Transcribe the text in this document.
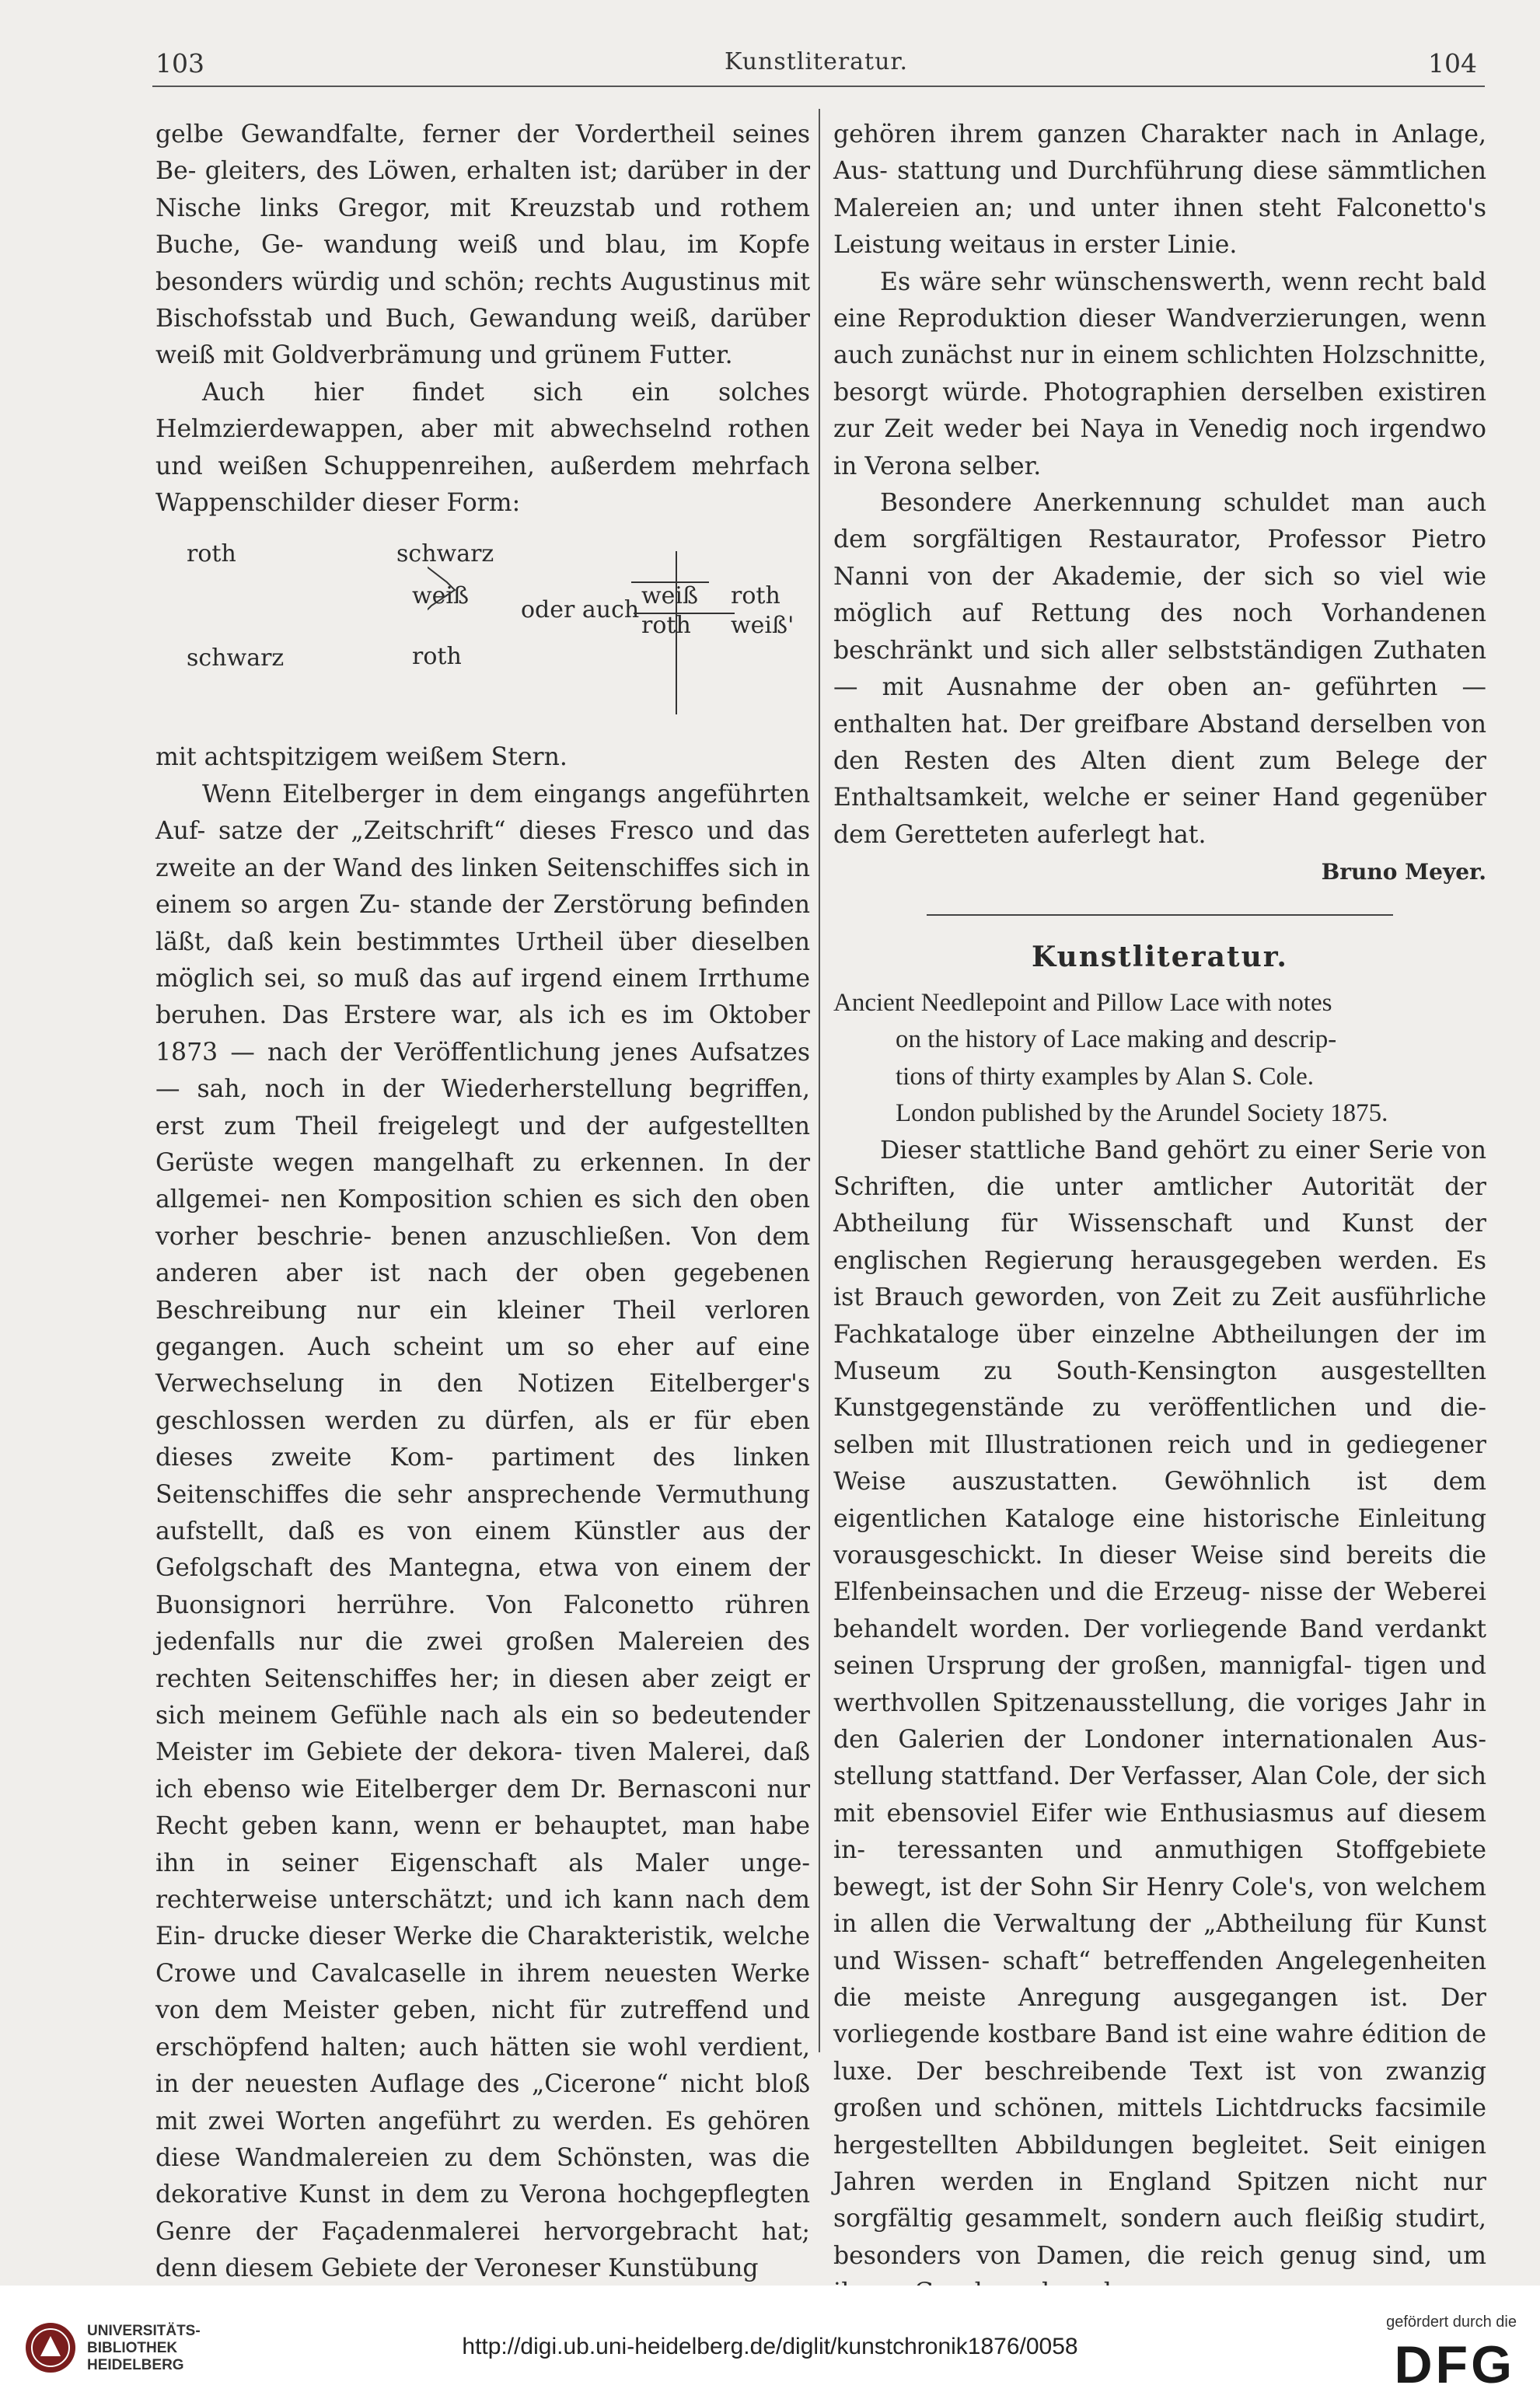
103	Kunstliteratur.	104

gelbe Gewandfalte, ferner der Vordertheil seines Be- gleiters, des Löwen, erhalten ist; darüber in der Nische links Gregor, mit Kreuzstab und rothem Buche, Ge- wandung weiß und blau, im Kopfe besonders würdig und schön; rechts Augustinus mit Bischofsstab und Buch, Gewandung weiß, darüber weiß mit Goldverbrämung und grünem Futter.

Auch hier findet sich ein solches Helmzierdewappen, aber mit abwechselnd rothen und weißen Schuppenreihen, außerdem mehrfach Wappenschilder dieser Form:

roth	schwarz
weiß
schwarz	roth
oder auch
weiß roth
roth weiß'

mit achtspitzigem weißem Stern.

Wenn Eitelberger in dem eingangs angeführten Auf- satze der „Zeitschrift“ dieses Fresco und das zweite an der Wand des linken Seitenschiffes sich in einem so argen Zu- stande der Zerstörung befinden läßt, daß kein bestimmtes Urtheil über dieselben möglich sei, so muß das auf irgend einem Irrthume beruhen. Das Erstere war, als ich es im Oktober 1873 — nach der Veröffentlichung jenes Aufsatzes — sah, noch in der Wiederherstellung begriffen, erst zum Theil freigelegt und der aufgestellten Gerüste wegen mangelhaft zu erkennen. In der allgemei- nen Komposition schien es sich den oben vorher beschrie- benen anzuschließen. Von dem anderen aber ist nach der oben gegebenen Beschreibung nur ein kleiner Theil verloren gegangen. Auch scheint um so eher auf eine Verwechselung in den Notizen Eitelberger's geschlossen werden zu dürfen, als er für eben dieses zweite Kom- partiment des linken Seitenschiffes die sehr ansprechende Vermuthung aufstellt, daß es von einem Künstler aus der Gefolgschaft des Mantegna, etwa von einem der Buonsignori herrühre. Von Falconetto rühren jedenfalls nur die zwei großen Malereien des rechten Seitenschiffes her; in diesen aber zeigt er sich meinem Gefühle nach als ein so bedeutender Meister im Gebiete der dekora- tiven Malerei, daß ich ebenso wie Eitelberger dem Dr. Bernasconi nur Recht geben kann, wenn er behauptet, man habe ihn in seiner Eigenschaft als Maler unge- rechterweise unterschätzt; und ich kann nach dem Ein- drucke dieser Werke die Charakteristik, welche Crowe und Cavalcaselle in ihrem neuesten Werke von dem Meister geben, nicht für zutreffend und erschöpfend halten; auch hätten sie wohl verdient, in der neuesten Auflage des „Cicerone“ nicht bloß mit zwei Worten angeführt zu werden. Es gehören diese Wandmalereien zu dem Schönsten, was die dekorative Kunst in dem zu Verona hochgepflegten Genre der Façadenmalerei hervorgebracht hat; denn diesem Gebiete der Veroneser Kunstübung

gehören ihrem ganzen Charakter nach in Anlage, Aus- stattung und Durchführung diese sämmtlichen Malereien an; und unter ihnen steht Falconetto's Leistung weitaus in erster Linie.

Es wäre sehr wünschenswerth, wenn recht bald eine Reproduktion dieser Wandverzierungen, wenn auch zunächst nur in einem schlichten Holzschnitte, besorgt würde. Photographien derselben existiren zur Zeit weder bei Naya in Venedig noch irgendwo in Verona selber.

Besondere Anerkennung schuldet man auch dem sorgfältigen Restaurator, Professor Pietro Nanni von der Akademie, der sich so viel wie möglich auf Rettung des noch Vorhandenen beschränkt und sich aller selbstständigen Zuthaten — mit Ausnahme der oben an- geführten — enthalten hat. Der greifbare Abstand derselben von den Resten des Alten dient zum Belege der Enthaltsamkeit, welche er seiner Hand gegenüber dem Geretteten auferlegt hat.

Bruno Meyer.

Kunstliteratur.

Ancient Needlepoint and Pillow Lace with notes

on the history of Lace making and descrip-

tions of thirty examples by Alan S. Cole.

London published by the Arundel Society 1875.

Dieser stattliche Band gehört zu einer Serie von Schriften, die unter amtlicher Autorität der Abtheilung für Wissenschaft und Kunst der englischen Regierung herausgegeben werden. Es ist Brauch geworden, von Zeit zu Zeit ausführliche Fachkataloge über einzelne Abtheilungen der im Museum zu South-Kensington ausgestellten Kunstgegenstände zu veröffentlichen und die- selben mit Illustrationen reich und in gediegener Weise auszustatten. Gewöhnlich ist dem eigentlichen Kataloge eine historische Einleitung vorausgeschickt. In dieser Weise sind bereits die Elfenbeinsachen und die Erzeug- nisse der Weberei behandelt worden. Der vorliegende Band verdankt seinen Ursprung der großen, mannigfal- tigen und werthvollen Spitzenausstellung, die voriges Jahr in den Galerien der Londoner internationalen Aus- stellung stattfand. Der Verfasser, Alan Cole, der sich mit ebensoviel Eifer wie Enthusiasmus auf diesem in- teressanten und anmuthigen Stoffgebiete bewegt, ist der Sohn Sir Henry Cole's, von welchem in allen die Verwaltung der „Abtheilung für Kunst und Wissen- schaft“ betreffenden Angelegenheiten die meiste Anregung ausgegangen ist. Der vorliegende kostbare Band ist eine wahre édition de luxe. Der beschreibende Text ist von zwanzig großen und schönen, mittels Lichtdrucks facsimile hergestellten Abbildungen begleitet. Seit einigen Jahren werden in England Spitzen nicht nur sorgfältig gesammelt, sondern auch fleißig studirt, besonders von Damen, die reich genug sind, um

UNIVERSITÄTS-
BIBLIOTHEK
HEIDELBERG
http://digi.ub.uni-heidelberg.de/diglit/kunstchronik1876/0058
gefördert durch die
DFG
